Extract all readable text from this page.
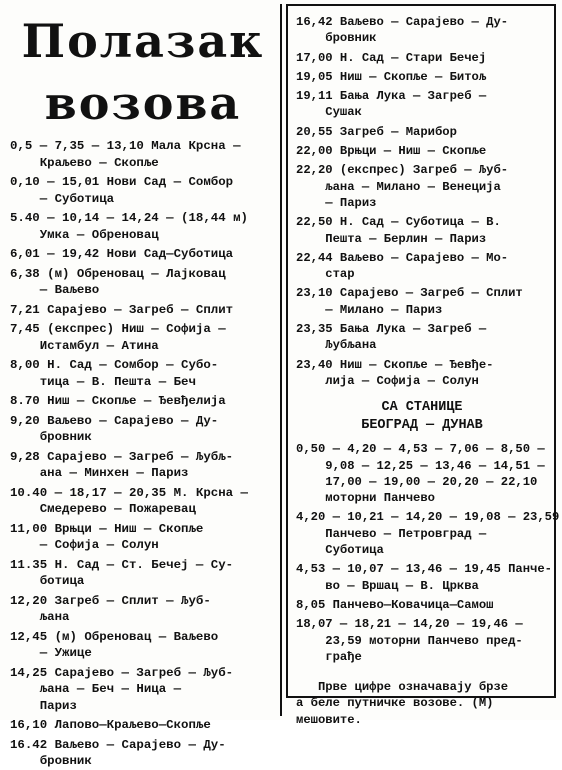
Полазак
возова
0,5 — 7,35 — 13,10 Мала Крсна —
Краљево — Скопље
0,10 — 15,01 Нови Сад — Сомбор
— Суботица
5.40 — 10,14 — 14,24 — (18,44 м)
Умка — Обреновац
6,01 — 19,42 Нови Сад—Суботица
6,38 (м) Обреновац — Лајковац
— Ваљево
7,21 Сарајево — Загреб — Сплит
7,45 (експрес) Ниш — Софија —
Истамбул — Атина
8,00 Н. Сад — Сомбор — Субо-
тица — В. Пешта — Беч
8.70 Ниш — Скопље — Ђевђелија
9,20 Ваљево — Сарајево — Ду-
бровник
9,28 Сарајево — Загреб — Љубљ-
ана — Минхен — Париз
10.40 — 18,17 — 20,35 М. Крсна —
Смедерево — Пожаревац
11,00 Врњци — Ниш — Скопље
— Софија — Солун
11.35 Н. Сад — Ст. Бечеј — Су-
ботица
12,20 Загреб — Сплит — Љуб-
љана
12,45 (м) Обреновац — Ваљево
— Ужице
14,25 Сарајево — Загреб — Љуб-
љана — Беч — Ница —
Париз
16,10 Лапово—Краљево—Скопље
16.42 Ваљево — Сарајево — Ду-
бровник
16,42 Ваљево — Сарајево — Ду-
бровник
17,00 Н. Сад — Стари Бечеј
19,05 Ниш — Скопље — Битољ
19,11 Бања Лука — Загреб —
Сушак
20,55 Загреб — Марибор
22,00 Врњци — Ниш — Скопље
22,20 (експрес) Загреб — Љуб-
љана — Милано — Венеција
— Париз
22,50 Н. Сад — Суботица — В.
Пешта — Берлин — Париз
22,44 Ваљево — Сарајево — Мо-
стар
23,10 Сарајево — Загреб — Сплит
— Милано — Париз
23,35 Бања Лука — Загреб —
Љубљана
23,40 Ниш — Скопље — Ђевђе-
лија — Софија — Солун
СА СТАНИЦЕ
БЕОГРАД — ДУНАВ
0,50 — 4,20 — 4,53 — 7,06 — 8,50 —
9,08 — 12,25 — 13,46 — 14,51 —
17,00 — 19,00 — 20,20 — 22,10
моторни Панчево
4,20 — 10,21 — 14,20 — 19,08 — 23,59
Панчево — Петровград —
Суботица
4,53 — 10,07 — 13,46 — 19,45 Панче-
во — Вршац — В. Црква
8,05 Панчево—Ковачица—Самош
18,07 — 18,21 — 14,20 — 19,46 —
23,59 моторни Панчево пред-
грађе
Прве цифре означавају брзе
а беле путничке возове. (М)
мешовите.
